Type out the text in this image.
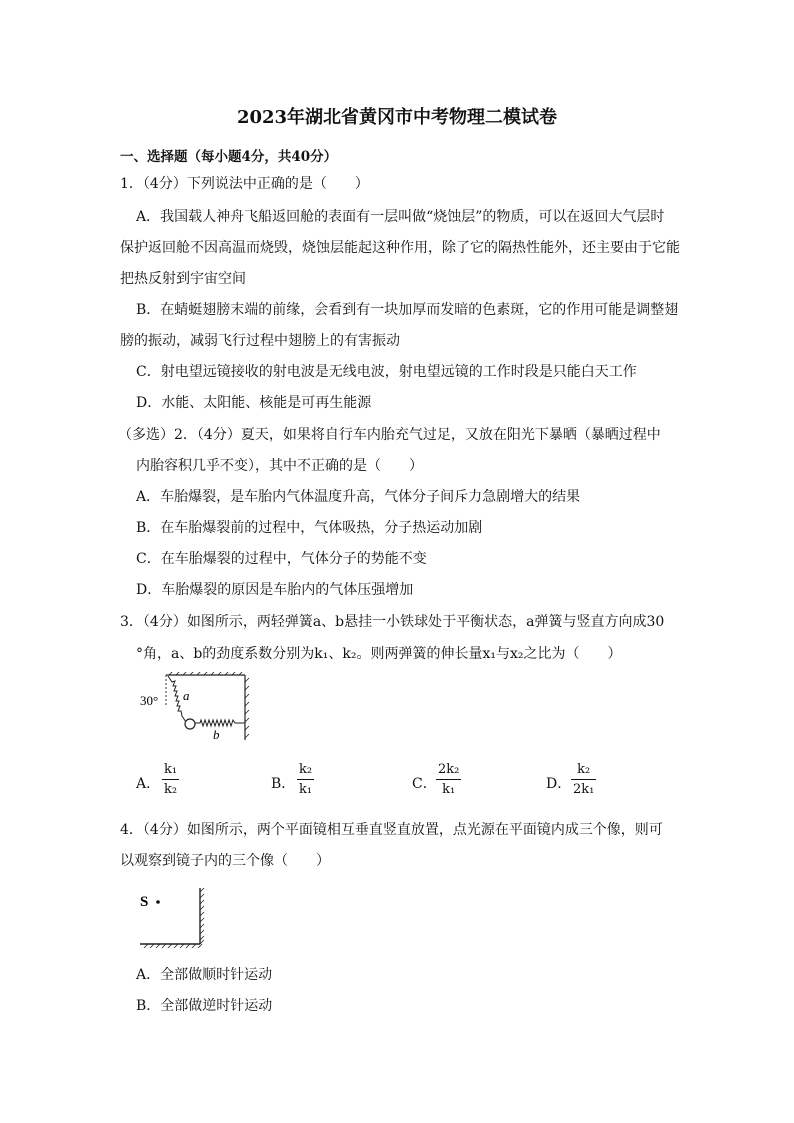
2023年湖北省黄冈市中考物理二模试卷
一、选择题（每小题4分，共40分）
1．（4分）下列说法中正确的是（　　）
A．我国载人神舟飞船返回舱的表面有一层叫做“烧蚀层”的物质，可以在返回大气层时
保护返回舱不因高温而烧毁，烧蚀层能起这种作用，除了它的隔热性能外，还主要由于它能
把热反射到宇宙空间
B．在蜻蜓翅膀末端的前缘，会看到有一块加厚而发暗的色素斑，它的作用可能是调整翅
膀的振动，减弱飞行过程中翅膀上的有害振动
C．射电望远镜接收的射电波是无线电波，射电望远镜的工作时段是只能白天工作
D．水能、太阳能、核能是可再生能源
（多选）2．（4分）夏天，如果将自行车内胎充气过足，又放在阳光下暴晒（暴晒过程中
内胎容积几乎不变），其中不正确的是（　　）
A．车胎爆裂，是车胎内气体温度升高，气体分子间斥力急剧增大的结果
B．在车胎爆裂前的过程中，气体吸热，分子热运动加剧
C．在车胎爆裂的过程中，气体分子的势能不变
D．车胎爆裂的原因是车胎内的气体压强增加
3．（4分）如图所示，两轻弹簧a、b悬挂一小铁球处于平衡状态，a弹簧与竖直方向成30
°角，a、b的劲度系数分别为k₁、k₂。则两弹簧的伸长量x₁与x₂之比为（　　）
30° a
b
A． $\frac{\text{k₁}}{\text{k₂}}$	B． $\frac{\text{k₂}}{\text{k₁}}$	C． $\frac{\text{2k₂}}{\text{k₁}}$	D． $\frac{\text{k₂}}{\text{2k₁}}$
4．（4分）如图所示，两个平面镜相互垂直竖直放置，点光源在平面镜内成三个像，则可
以观察到镜子内的三个像（　　）
S
A．全部做顺时针运动
B．全部做逆时针运动
